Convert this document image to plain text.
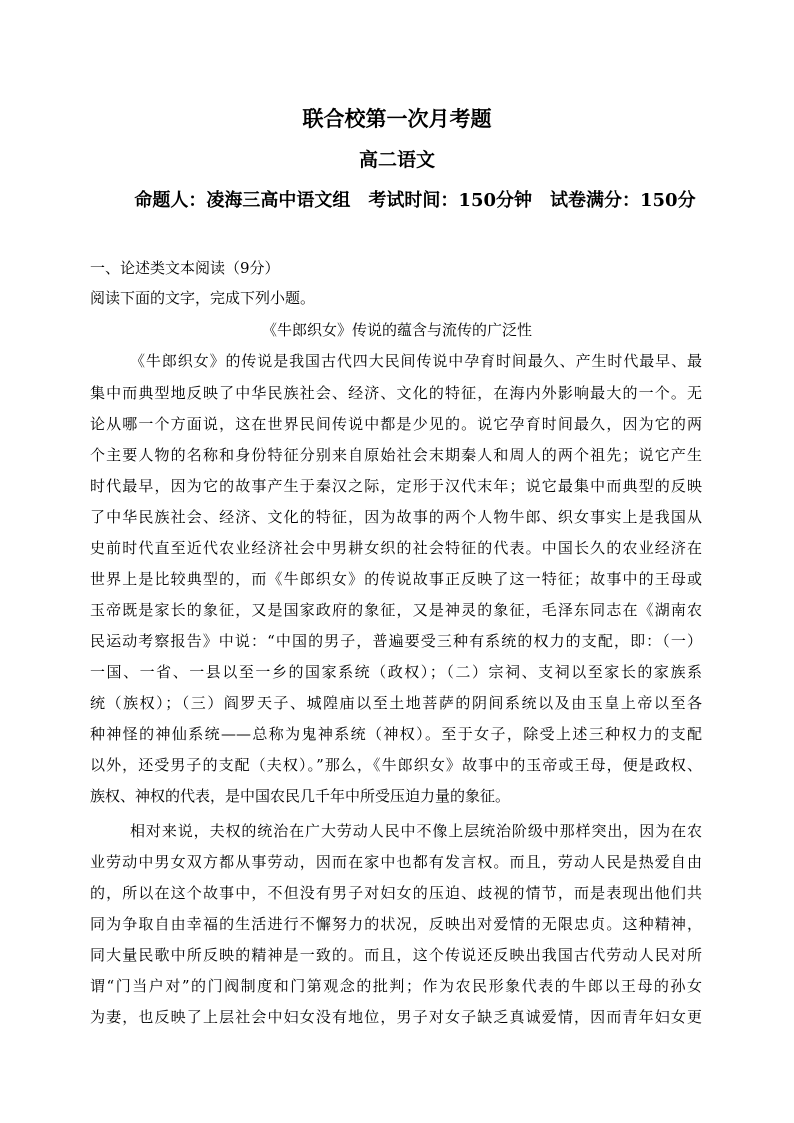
联合校第一次月考题
高二语文
命题人：凌海三高中语文组　考试时间：150分钟　试卷满分：150分
一、论述类文本阅读（9分）
阅读下面的文字，完成下列小题。
《牛郎织女》传说的蕴含与流传的广泛性
《牛郎织女》的传说是我国古代四大民间传说中孕育时间最久、产生时代最早、最
集中而典型地反映了中华民族社会、经济、文化的特征，在海内外影响最大的一个。无
论从哪一个方面说，这在世界民间传说中都是少见的。说它孕育时间最久，因为它的两
个主要人物的名称和身份特征分别来自原始社会末期秦人和周人的两个祖先；说它产生
时代最早，因为它的故事产生于秦汉之际，定形于汉代末年；说它最集中而典型的反映
了中华民族社会、经济、文化的特征，因为故事的两个人物牛郎、织女事实上是我国从
史前时代直至近代农业经济社会中男耕女织的社会特征的代表。中国长久的农业经济在
世界上是比较典型的，而《牛郎织女》的传说故事正反映了这一特征；故事中的王母或
玉帝既是家长的象征，又是国家政府的象征，又是神灵的象征，毛泽东同志在《湖南农
民运动考察报告》中说：“中国的男子，普遍要受三种有系统的权力的支配，即：（一）
一国、一省、一县以至一乡的国家系统（政权）；（二）宗祠、支祠以至家长的家族系
统（族权）；（三）阎罗天子、城隍庙以至土地菩萨的阴间系统以及由玉皇上帝以至各
种神怪的神仙系统——总称为鬼神系统（神权）。至于女子，除受上述三种权力的支配
以外，还受男子的支配（夫权）。”那么，《牛郎织女》故事中的玉帝或王母，便是政权、
族权、神权的代表，是中国农民几千年中所受压迫力量的象征。
相对来说，夫权的统治在广大劳动人民中不像上层统治阶级中那样突出，因为在农
业劳动中男女双方都从事劳动，因而在家中也都有发言权。而且，劳动人民是热爱自由
的，所以在这个故事中，不但没有男子对妇女的压迫、歧视的情节，而是表现出他们共
同为争取自由幸福的生活进行不懈努力的状况，反映出对爱情的无限忠贞。这种精神，
同大量民歌中所反映的精神是一致的。而且，这个传说还反映出我国古代劳动人民对所
谓“门当户对”的门阀制度和门第观念的批判；作为农民形象代表的牛郎以王母的孙女
为妻，也反映了上层社会中妇女没有地位，男子对女子缺乏真诚爱情，因而青年妇女更
